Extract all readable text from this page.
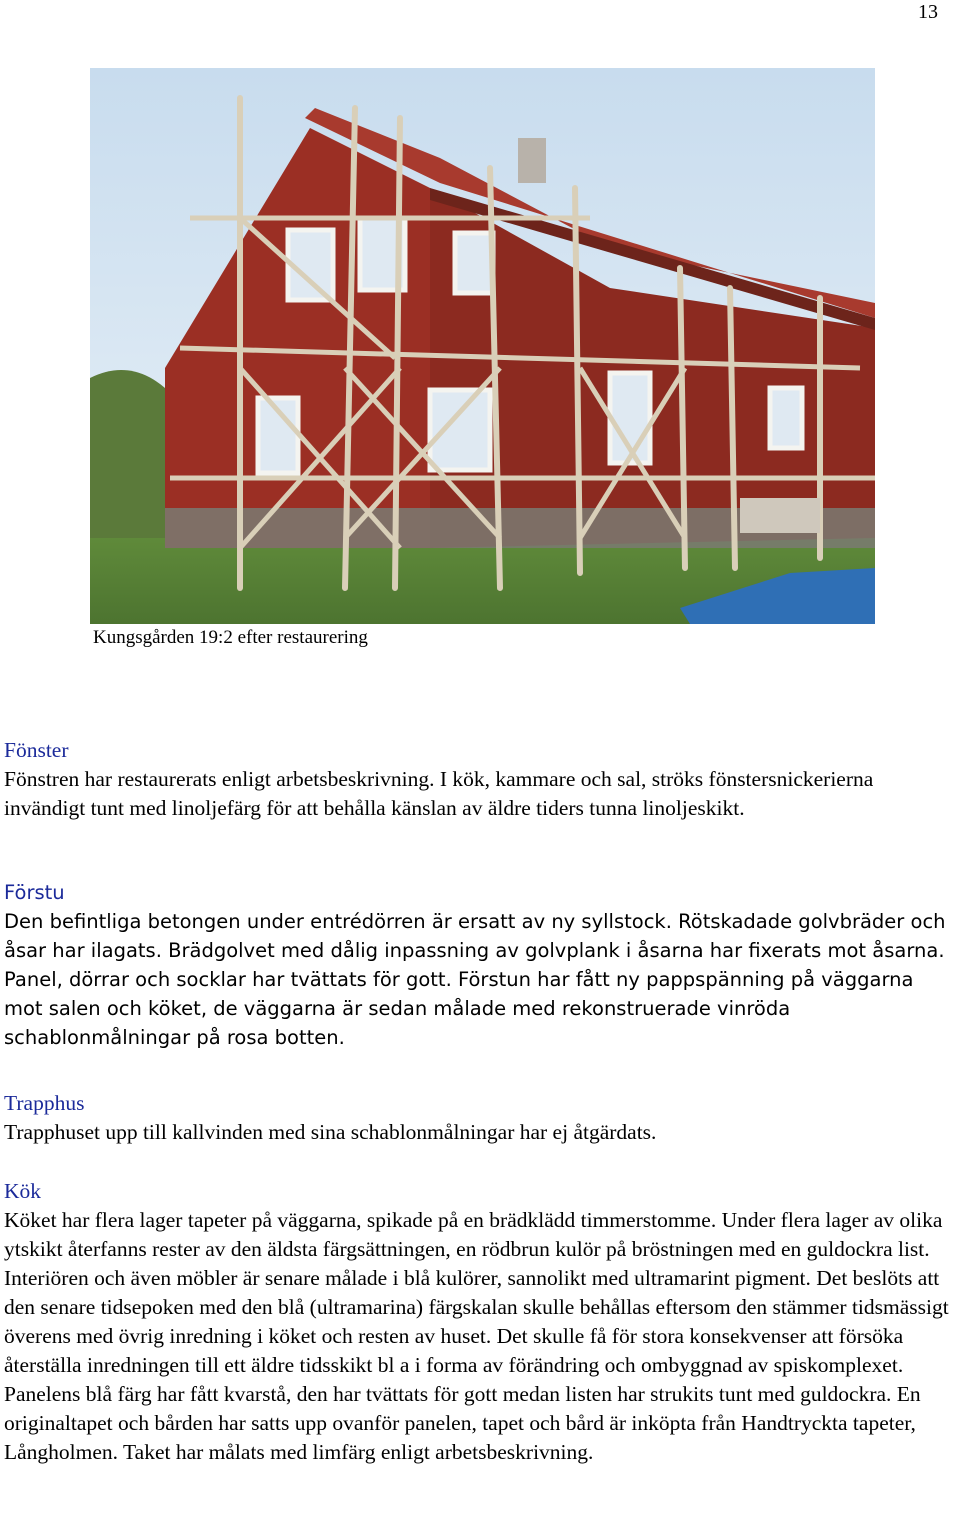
13
Kungsgården 19:2 efter restaurering

Fönster

Fönstren har restaurerats enligt arbetsbeskrivning. I kök, kammare och sal, ströks fönstersnickerierna invändigt tunt med linoljefärg för att behålla känslan av äldre tiders tunna linoljeskikt.

Förstu

Den befintliga betongen under entrédörren är ersatt av ny syllstock. Rötskadade golvbräder och åsar har ilagats. Brädgolvet med dålig inpassning av golvplank i åsarna har fixerats mot åsarna. Panel, dörrar och socklar har tvättats för gott. Förstun har fått ny pappspänning på väggarna mot salen och köket, de väggarna är sedan målade med rekonstruerade vinröda schablonmålningar på rosa botten.

Trapphus

Trapphuset upp till kallvinden med sina schablonmålningar har ej åtgärdats.

Kök

Köket har flera lager tapeter på väggarna, spikade på en brädklädd timmerstomme. Under flera lager av olika ytskikt återfanns rester av den äldsta färgsättningen, en rödbrun kulör på bröstningen med en guldockra list. Interiören och även möbler är senare målade i blå kulörer, sannolikt med ultramarint pigment. Det beslöts att den senare tidsepoken med den blå (ultramarina) färgskalan skulle behållas eftersom den stämmer tidsmässigt överens med övrig inredning i köket och resten av huset. Det skulle få för stora konsekvenser att försöka återställa inredningen till ett äldre tidsskikt bl a i forma av förändring och ombyggnad av spiskomplexet. Panelens blå färg har fått kvarstå, den har tvättats för gott medan listen har strukits tunt med guldockra. En originaltapet och bården har satts upp ovanför panelen, tapet och bård är inköpta från Handtryckta tapeter, Långholmen. Taket har målats med limfärg enligt arbetsbeskrivning.
